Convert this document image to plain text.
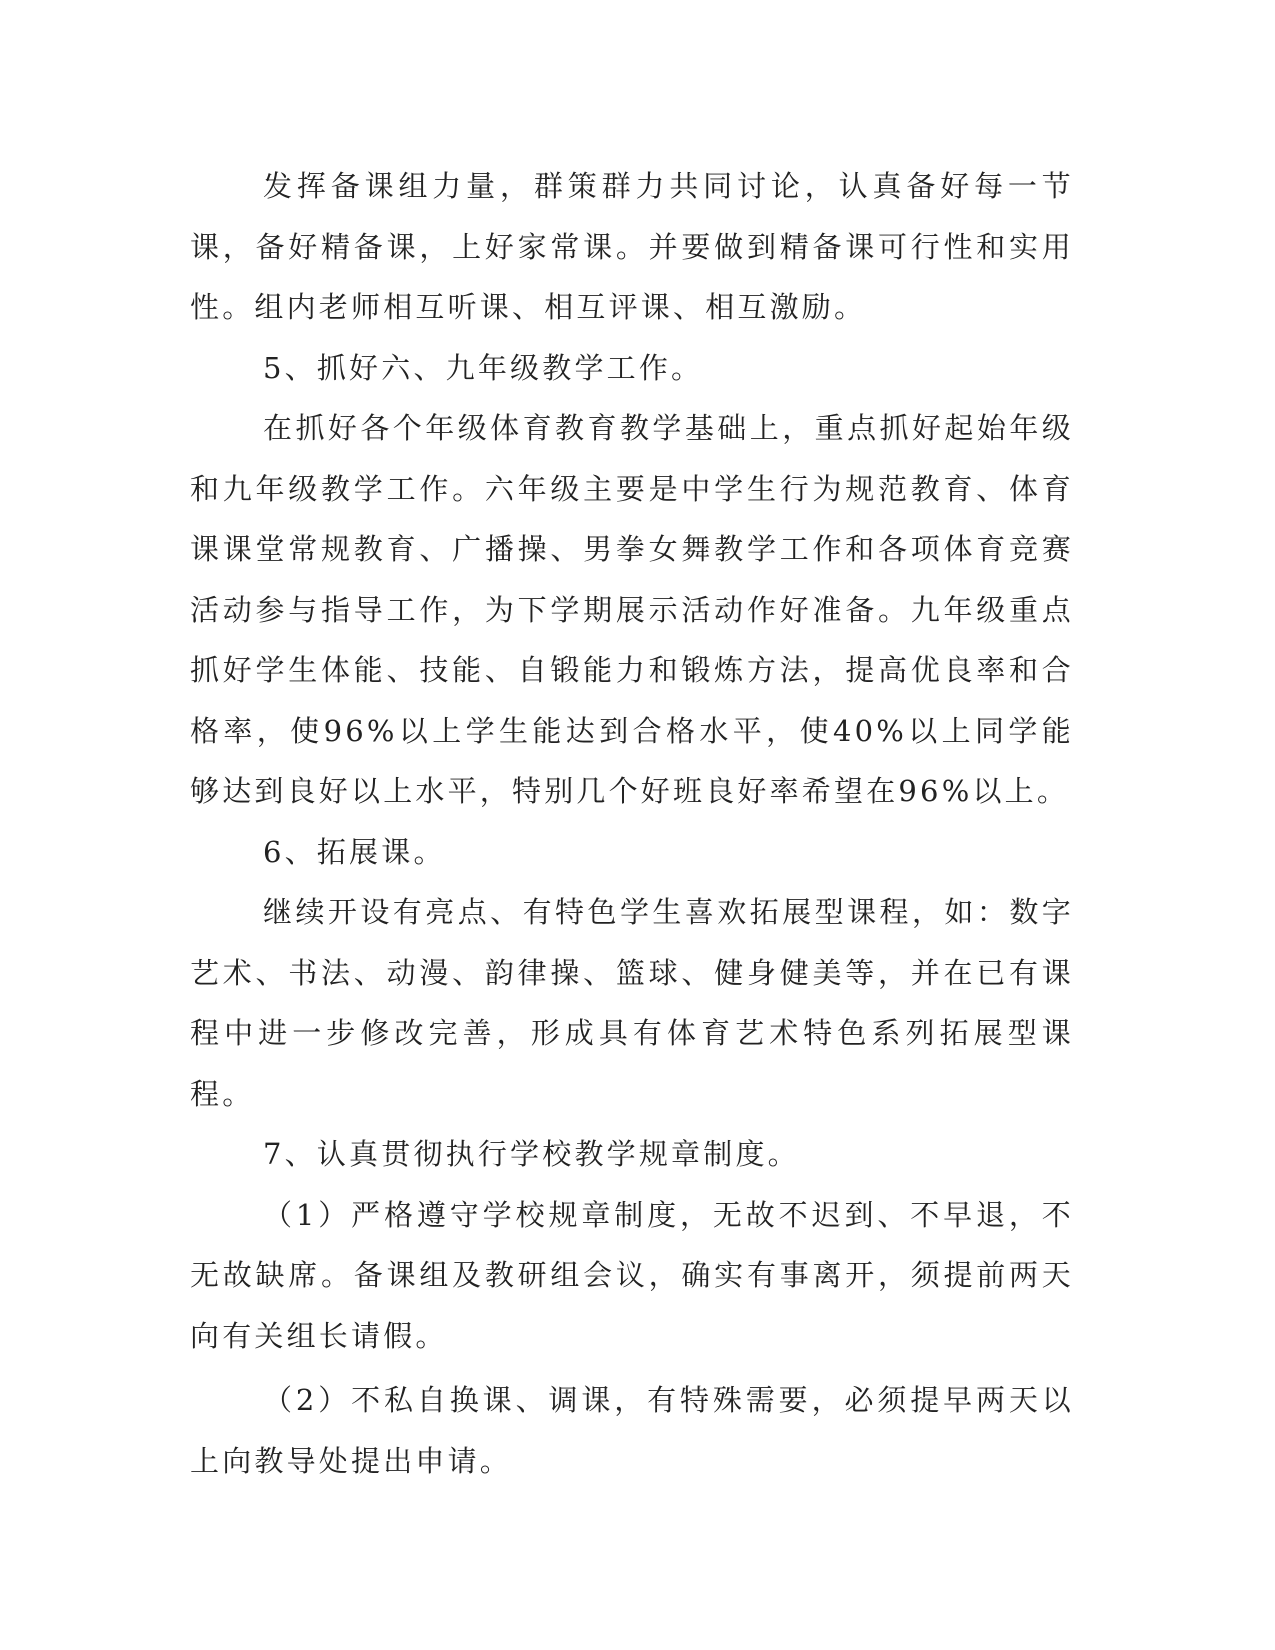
发挥备课组力量，群策群力共同讨论，认真备好每一节课，备好精备课，上好家常课。并要做到精备课可行性和实用性。组内老师相互听课、相互评课、相互激励。

5、抓好六、九年级教学工作。

在抓好各个年级体育教育教学基础上，重点抓好起始年级和九年级教学工作。六年级主要是中学生行为规范教育、体育课课堂常规教育、广播操、男拳女舞教学工作和各项体育竞赛活动参与指导工作，为下学期展示活动作好准备。九年级重点抓好学生体能、技能、自锻能力和锻炼方法，提高优良率和合格率，使96%以上学生能达到合格水平，使40%以上同学能够达到良好以上水平，特别几个好班良好率希望在96%以上。

6、拓展课。

继续开设有亮点、有特色学生喜欢拓展型课程，如：数字艺术、书法、动漫、韵律操、篮球、健身健美等，并在已有课程中进一步修改完善，形成具有体育艺术特色系列拓展型课程。

7、认真贯彻执行学校教学规章制度。

（1）严格遵守学校规章制度，无故不迟到、不早退，不无故缺席。备课组及教研组会议，确实有事离开，须提前两天向有关组长请假。

（2）不私自换课、调课，有特殊需要，必须提早两天以上向教导处提出申请。
